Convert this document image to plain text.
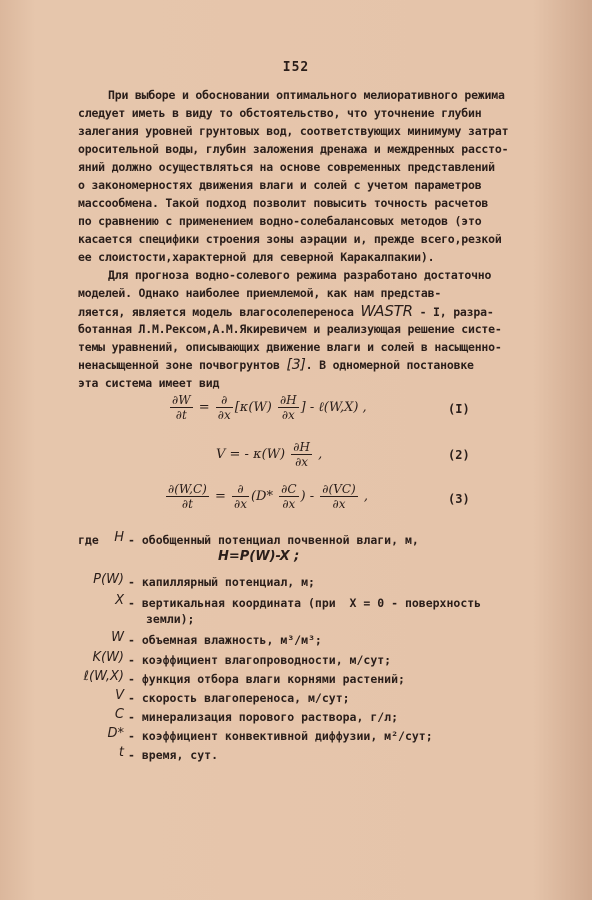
I52
При выборе и обосновании оптимального мелиоративного режима
следует иметь в виду то обстоятельство, что уточнение глубин
залегания уровней грунтовых вод, соответствующих минимуму затрат
оросительной воды, глубин заложения дренажа и междренных рассто-
яний должно осуществляться на основе современных представлений
о закономерностях движения влаги и солей с учетом параметров
массообмена. Такой подход позволит повысить точность расчетов
по сравнению с применением водно-солебалансовых методов (это
касается специфики строения зоны аэрации и, прежде всего,резкой
ее слоистости,характерной для северной Каракалпакии).
Для прогноза водно-солевого режима разработано достаточно
моделей. Однако наиболее приемлемой, как нам представ-
ляется, является модель влагосолепереноса WASTR - I, разра-
ботанная Л.М.Рексом,А.М.Якиревичем и реализующая решение систе-
темы уравнений, описывающих движение влаги и солей в насыщенно-
ненасыщенной зоне почвогрунтов [3]. В одномерной постановке
эта система имеет вид
$\frac{\partial W}{\partial t} = \frac{\partial}{\partial x} [\kappa(W) \frac{\partial H}{\partial x}$ ] - ℓ(W,X) ,	(I)
V = - $\kappa(W) \frac{\partial H}{\partial x}$ ,	(2)
$\frac{\partial(W,C)}{\partial t} = \frac{\partial}{\partial x} (D* \frac{\partial C}{\partial x}$ ) - $\frac{\partial(VC)}{\partial x}$ ,	(3)
где	H - обобщенный потенциал почвенной влаги, м,
H=P(W)-X ;
P(W) - капиллярный потенциал, м;
X - вертикальная координата (при  X = 0 - поверхность
земли);
W - объемная влажность, м³/м³;
K(W) - коэффициент влагопроводности, м/сут;
ℓ(W,X) - функция отбора влаги корнями растений;
V - скорость влагопереноса, м/сут;
C - минерализация порового раствора, г/л;
D* - коэффициент конвективной диффузии, м²/сут;
t - время, сут.
